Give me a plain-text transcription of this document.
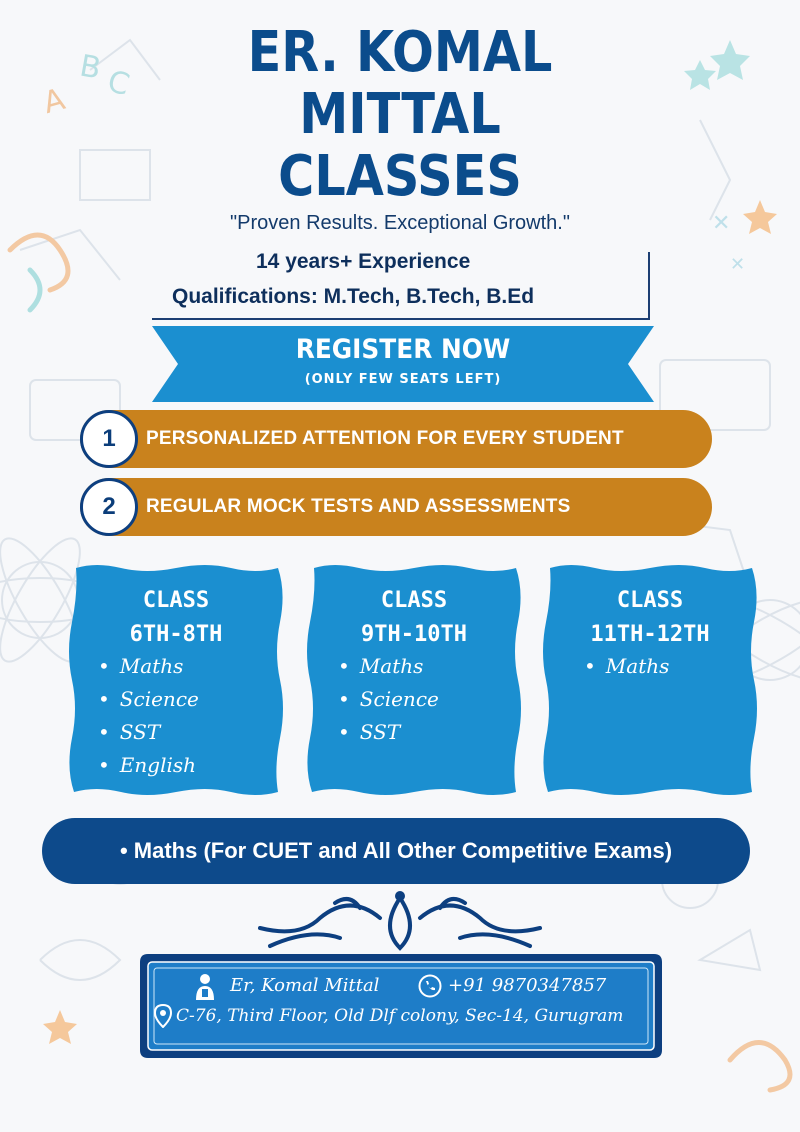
✕
✕
A
B C	ER. KOMAL
MITTAL
CLASSES
"Proven Results. Exceptional Growth."
14 years+ Experience
Qualifications: M.Tech, B.Tech, B.Ed
REGISTER NOW
(ONLY FEW SEATS LEFT)
1	PERSONALIZED ATTENTION FOR EVERY STUDENT
2	REGULAR MOCK TESTS AND ASSESSMENTS
CLASS
6TH-8TH
• Maths
• Science
• SST
• English
CLASS
9TH-10TH
• Maths
• Science
• SST
CLASS
11TH-12TH
• Maths
• Maths (For CUET and All Other Competitive Exams)
Er, Komal Mittal	+91 9870347857
C-76, Third Floor, Old Dlf colony, Sec-14, Gurugram
